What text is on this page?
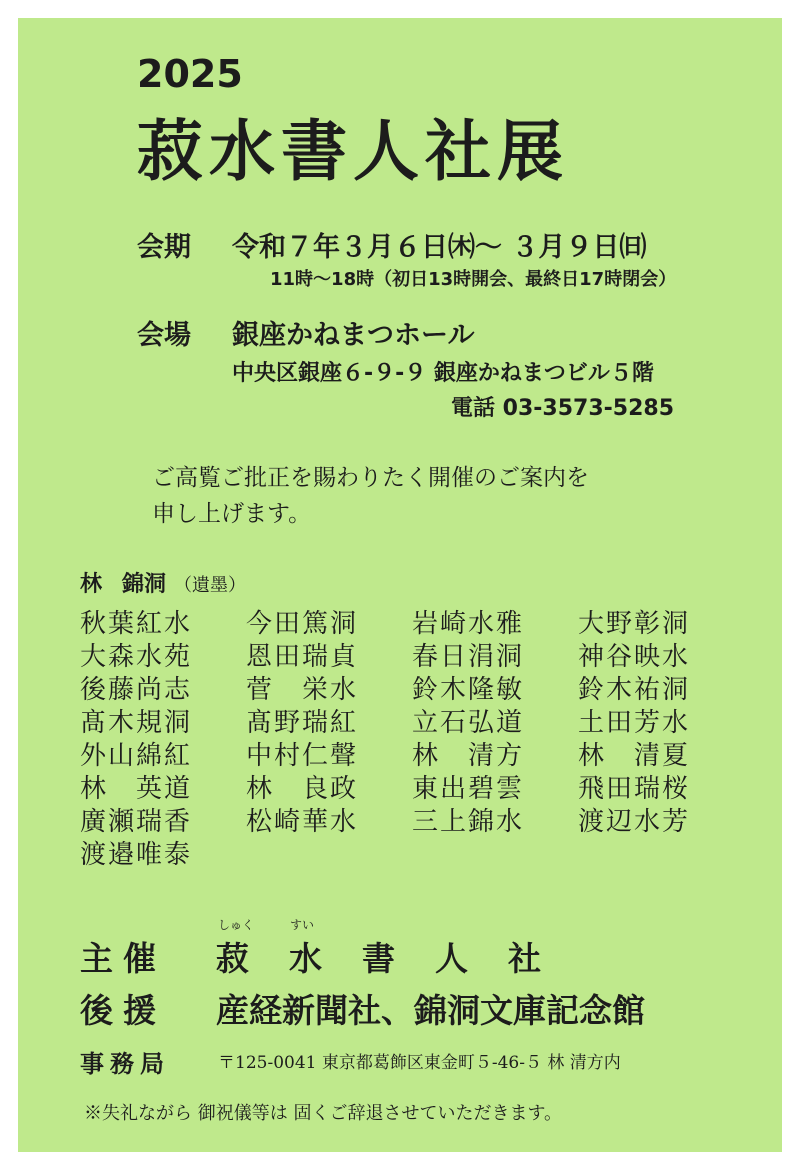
2025
菽水書人社展
会期 令和７年３月６日㈭～ ３月９日㈰
11時～18時（初日13時開会、最終日17時閉会）
会場 銀座かねまつホール
中央区銀座６-９-９ 銀座かねまつビル５階
電話 03-3573-5285
ご高覧ご批正を賜わりたく開催のご案内を
申し上げます。
林 錦洞 （遺墨）
秋葉紅水	今田篤洞	岩崎水雅	大野彰洞
大森水苑	恩田瑞貞	春日涓洞	神谷映水
後藤尚志	菅　栄水	鈴木隆敏	鈴木祐洞
髙木規洞	髙野瑞紅	立石弘道	土田芳水
外山綿紅	中村仁聲	林　清方	林　清夏
林　英道	林　良政	東出碧雲	飛田瑞桜
廣瀬瑞香	松崎華水	三上錦水	渡辺水芳
渡邉唯泰
しゅく　　　すい
主催 菽水書人社
後援 産経新聞社、錦洞文庫記念館
事務局	〒125-0041 東京都葛飾区東金町５-46-５ 林 清方内
※失礼ながら 御祝儀等は 固くご辞退させていただきます。
